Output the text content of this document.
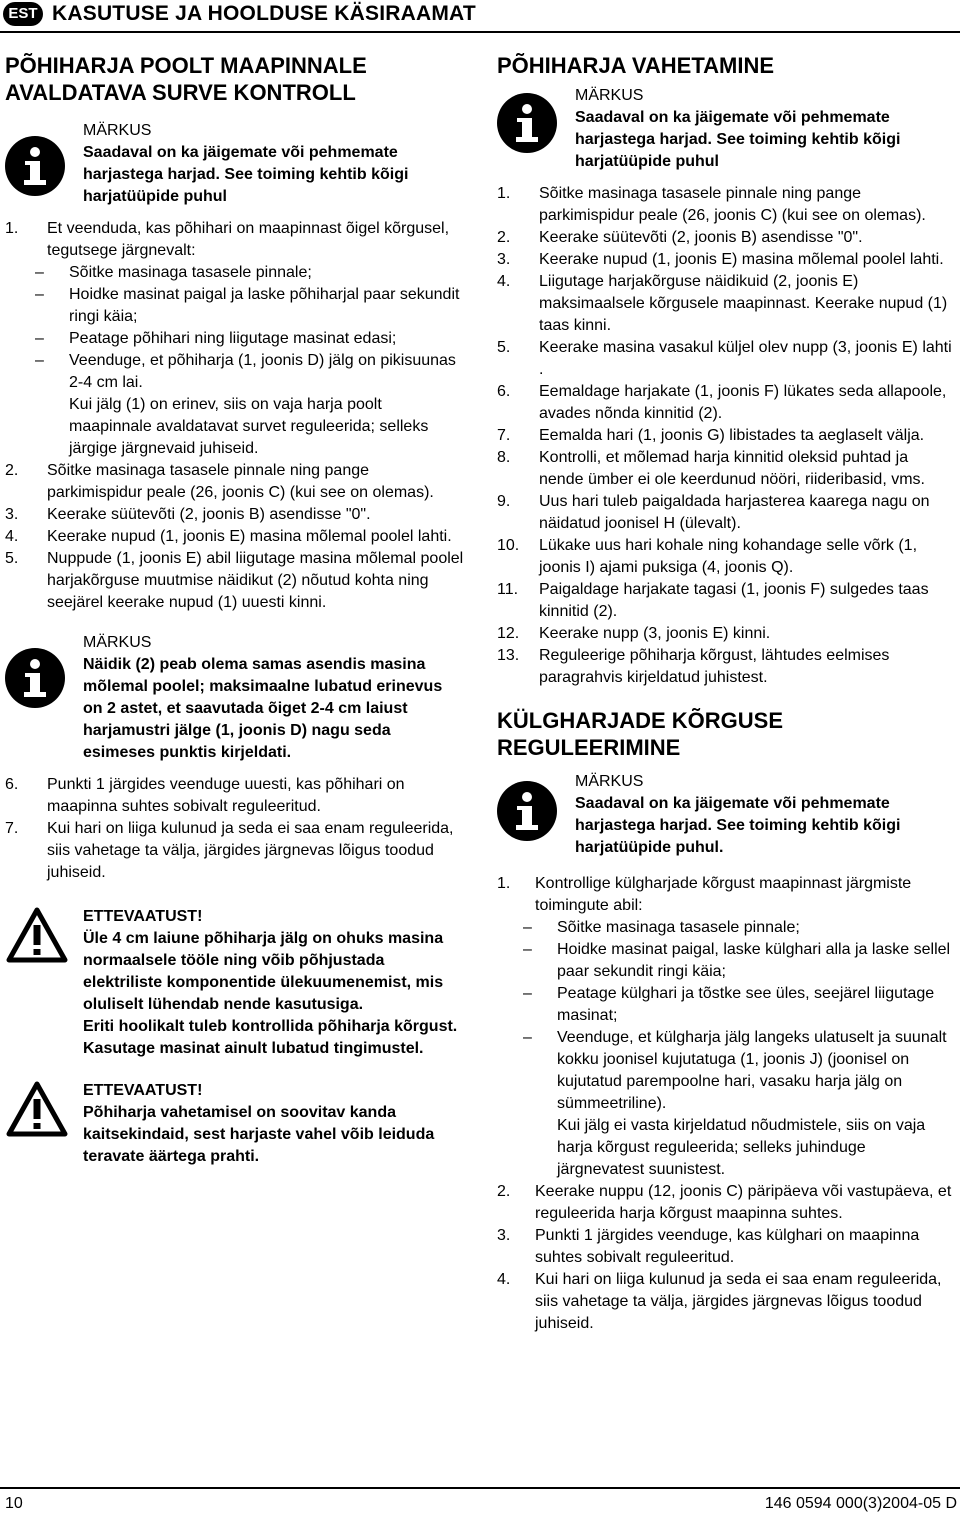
EST KASUTUSE JA HOOLDUSE KÄSIRAAMAT
PÕHIHARJA POOLT MAAPINNALE AVALDATAVA SURVE KONTROLL
MÄRKUS
Saadaval on ka jäigemate või pehmemate harjastega harjad. See toiming kehtib kõigi harjatüüpide puhul
1. Et veenduda, kas põhihari on maapinnast õigel kõrgusel, tegutsege järgnevalt:
– Sõitke masinaga tasasele pinnale;
– Hoidke masinat paigal ja laske põhiharjal paar sekundit ringi käia;
– Peatage põhihari ning liigutage masinat edasi;
– Veenduge, et põhiharja (1, joonis D) jälg on pikisuunas 2-4 cm lai.
Kui jälg (1) on erinev, siis on vaja harja poolt maapinnale avaldatavat survet reguleerida; selleks järgige järgnevaid juhiseid.
2. Sõitke masinaga tasasele pinnale ning pange parkimispidur peale (26, joonis C) (kui see on olemas).
3. Keerake süütevõti (2, joonis B) asendisse "0".
4. Keerake nupud (1, joonis E) masina mõlemal poolel lahti.
5. Nuppude (1, joonis E) abil liigutage masina mõlemal poolel harjakõrguse muutmise näidikut (2) nõutud kohta ning seejärel keerake nupud (1) uuesti kinni.
MÄRKUS
Näidik (2) peab olema samas asendis masina mõlemal poolel; maksimaalne lubatud erinevus on 2 astet, et saavutada õiget 2-4 cm laiust harjamustri jälge (1, joonis D) nagu seda esimeses punktis kirjeldati.
6. Punkti 1 järgides veenduge uuesti, kas põhihari on maapinna suhtes sobivalt reguleeritud.
7. Kui hari on liiga kulunud ja seda ei saa enam reguleerida, siis vahetage ta välja, järgides järgnevas lõigus toodud juhiseid.
ETTEVAATUST!
Üle 4 cm laiune põhiharja jälg on ohuks masina normaalsele tööle ning võib põhjustada elektriliste komponentide ülekuumenemist, mis oluliselt lühendab nende kasutusiga.
Eriti hoolikalt tuleb kontrollida põhiharja kõrgust. Kasutage masinat ainult lubatud tingimustel.
ETTEVAATUST!
Põhiharja vahetamisel on soovitav kanda kaitsekindaid, sest harjaste vahel võib leiduda teravate äärtega prahti.
PÕHIHARJA VAHETAMINE
MÄRKUS
Saadaval on ka jäigemate või pehmemate harjastega harjad. See toiming kehtib kõigi harjatüüpide puhul
1. Sõitke masinaga tasasele pinnale ning pange parkimispidur peale (26, joonis C) (kui see on olemas).
2. Keerake süütevõti (2, joonis B) asendisse "0".
3. Keerake nupud (1, joonis E) masina mõlemal poolel lahti.
4. Liigutage harjakõrguse näidikuid (2, joonis E) maksimaalsele kõrgusele maapinnast. Keerake nupud (1) taas kinni.
5. Keerake masina vasakul küljel olev nupp (3, joonis E) lahti .
6. Eemaldage harjakate (1, joonis F) lükates seda allapoole, avades nõnda kinnitid (2).
7. Eemalda hari (1, joonis G) libistades ta aeglaselt välja.
8. Kontrolli, et mõlemad harja kinnitid oleksid puhtad ja nende ümber ei ole keerdunud nööri, riideribasid, vms.
9. Uus hari tuleb paigaldada harjasterea kaarega nagu on näidatud joonisel H (ülevalt).
10. Lükake uus hari kohale ning kohandage selle võrk (1, joonis I) ajami puksiga (4, joonis Q).
11. Paigaldage harjakate tagasi (1, joonis F) sulgedes taas kinnitid (2).
12. Keerake nupp (3, joonis E) kinni.
13. Reguleerige põhiharja kõrgust, lähtudes eelmises paragrahvis kirjeldatud juhistest.
KÜLGHARJADE KÕRGUSE REGULEERIMINE
MÄRKUS
Saadaval on ka jäigemate või pehmemate harjastega harjad. See toiming kehtib kõigi harjatüüpide puhul.
1. Kontrollige külgharjade kõrgust maapinnast järgmiste toimingute abil:
– Sõitke masinaga tasasele pinnale;
– Hoidke masinat paigal, laske külghari alla ja laske sellel paar sekundit ringi käia;
– Peatage külghari ja tõstke see üles, seejärel liigutage masinat;
– Veenduge, et külgharja jälg langeks ulatuselt ja suunalt kokku joonisel kujutatuga (1, joonis J) (joonisel on kujutatud parempoolne hari, vasaku harja jälg on sümmeetriline).
Kui jälg ei vasta kirjeldatud nõudmistele, siis on vaja harja kõrgust reguleerida; selleks juhinduge järgnevatest suunistest.
2. Keerake nuppu (12, joonis C) päripäeva või vastupäeva, et reguleerida harja kõrgust maapinna suhtes.
3. Punkti 1 järgides veenduge, kas külghari on maapinna suhtes sobivalt reguleeritud.
4. Kui hari on liiga kulunud ja seda ei saa enam reguleerida, siis vahetage ta välja, järgides järgnevas lõigus toodud juhiseid.
10	146 0594 000(3)2004-05 D
